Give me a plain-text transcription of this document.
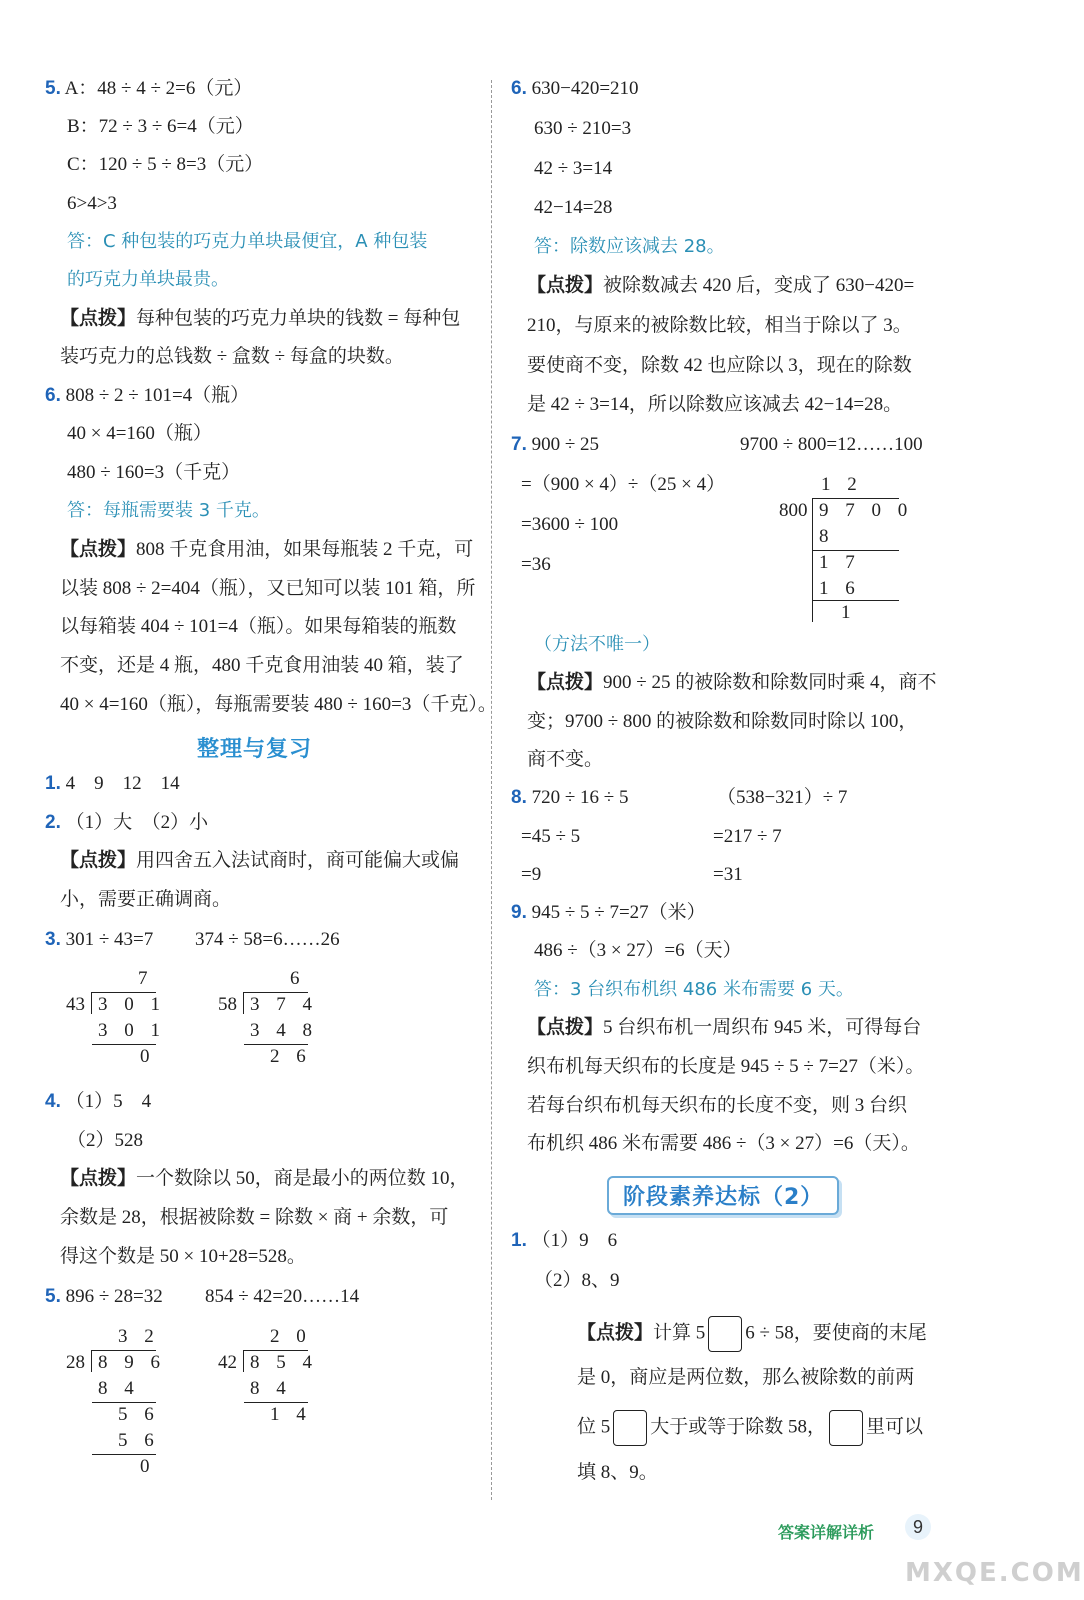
5. A：48 ÷ 4 ÷ 2=6（元）
B：72 ÷ 3 ÷ 6=4（元）
C：120 ÷ 5 ÷ 8=3（元）
6>4>3
答：C 种包装的巧克力单块最便宜，A 种包装
的巧克力单块最贵。
【点拨】每种包装的巧克力单块的钱数 = 每种包
装巧克力的总钱数 ÷ 盒数 ÷ 每盒的块数。
6. 808 ÷ 2 ÷ 101=4（瓶）
40 × 4=160（瓶）
480 ÷ 160=3（千克）
答：每瓶需要装 3 千克。
【点拨】808 千克食用油，如果每瓶装 2 千克，可
以装 808 ÷ 2=404（瓶），又已知可以装 101 箱，所
以每箱装 404 ÷ 101=4（瓶）。如果每箱装的瓶数
不变，还是 4 瓶，480 千克食用油装 40 箱，装了
40 × 4=160（瓶），每瓶需要装 480 ÷ 160=3（千克）。
整理与复习
1. 4　9　12　14
2. （1）大　（2）小
【点拨】用四舍五入法试商时，商可能偏大或偏
小，需要正确调商。
3. 301 ÷ 43=7 374 ÷ 58=6……26
7
43 3 0 1
3 0 1
0
6
58 3 7 4
3 4 8
2 6
4. （1）5　4
（2）528
【点拨】一个数除以 50，商是最小的两位数 10，
余数是 28，根据被除数 = 除数 × 商 + 余数，可
得这个数是 50 × 10+28=528。
5. 896 ÷ 28=32 854 ÷ 42=20……14
3 2
28 8 9 6
8 4
5 6
5 6
0
2 0
42 8 5 4
8 4
1 4
6. 630−420=210
630 ÷ 210=3
42 ÷ 3=14
42−14=28
答：除数应该减去 28。
【点拨】被除数减去 420 后，变成了 630−420=
210，与原来的被除数比较，相当于除以了 3。
要使商不变，除数 42 也应除以 3，现在的除数
是 42 ÷ 3=14，所以除数应该减去 42−14=28。
7. 900 ÷ 25	9700 ÷ 800=12……100
=（900 × 4）÷（25 × 4）
=3600 ÷ 100
=36
1 2
800 9 7 0 0
8
1 7
1 6
1
（方法不唯一）
【点拨】900 ÷ 25 的被除数和除数同时乘 4，商不
变；9700 ÷ 800 的被除数和除数同时除以 100，
商不变。
8. 720 ÷ 16 ÷ 5
=45 ÷ 5
=9
（538−321）÷ 7
=217 ÷ 7
=31
9. 945 ÷ 5 ÷ 7=27（米）
486 ÷（3 × 27）=6（天）
答：3 台织布机织 486 米布需要 6 天。
【点拨】5 台织布机一周织布 945 米，可得每台
织布机每天织布的长度是 945 ÷ 5 ÷ 7=27（米）。
若每台织布机每天织布的长度不变，则 3 台织
布机织 486 米布需要 486 ÷（3 × 27）=6（天）。
阶段素养达标（2）
1. （1）9　6
（2）8、9
【点拨】计算 5 6 ÷ 58，要使商的末尾
是 0，商应是两位数，那么被除数的前两
位 5 大于或等于除数 58， 里可以
填 8、9。
答案详解详析	9
MXQE.COM
